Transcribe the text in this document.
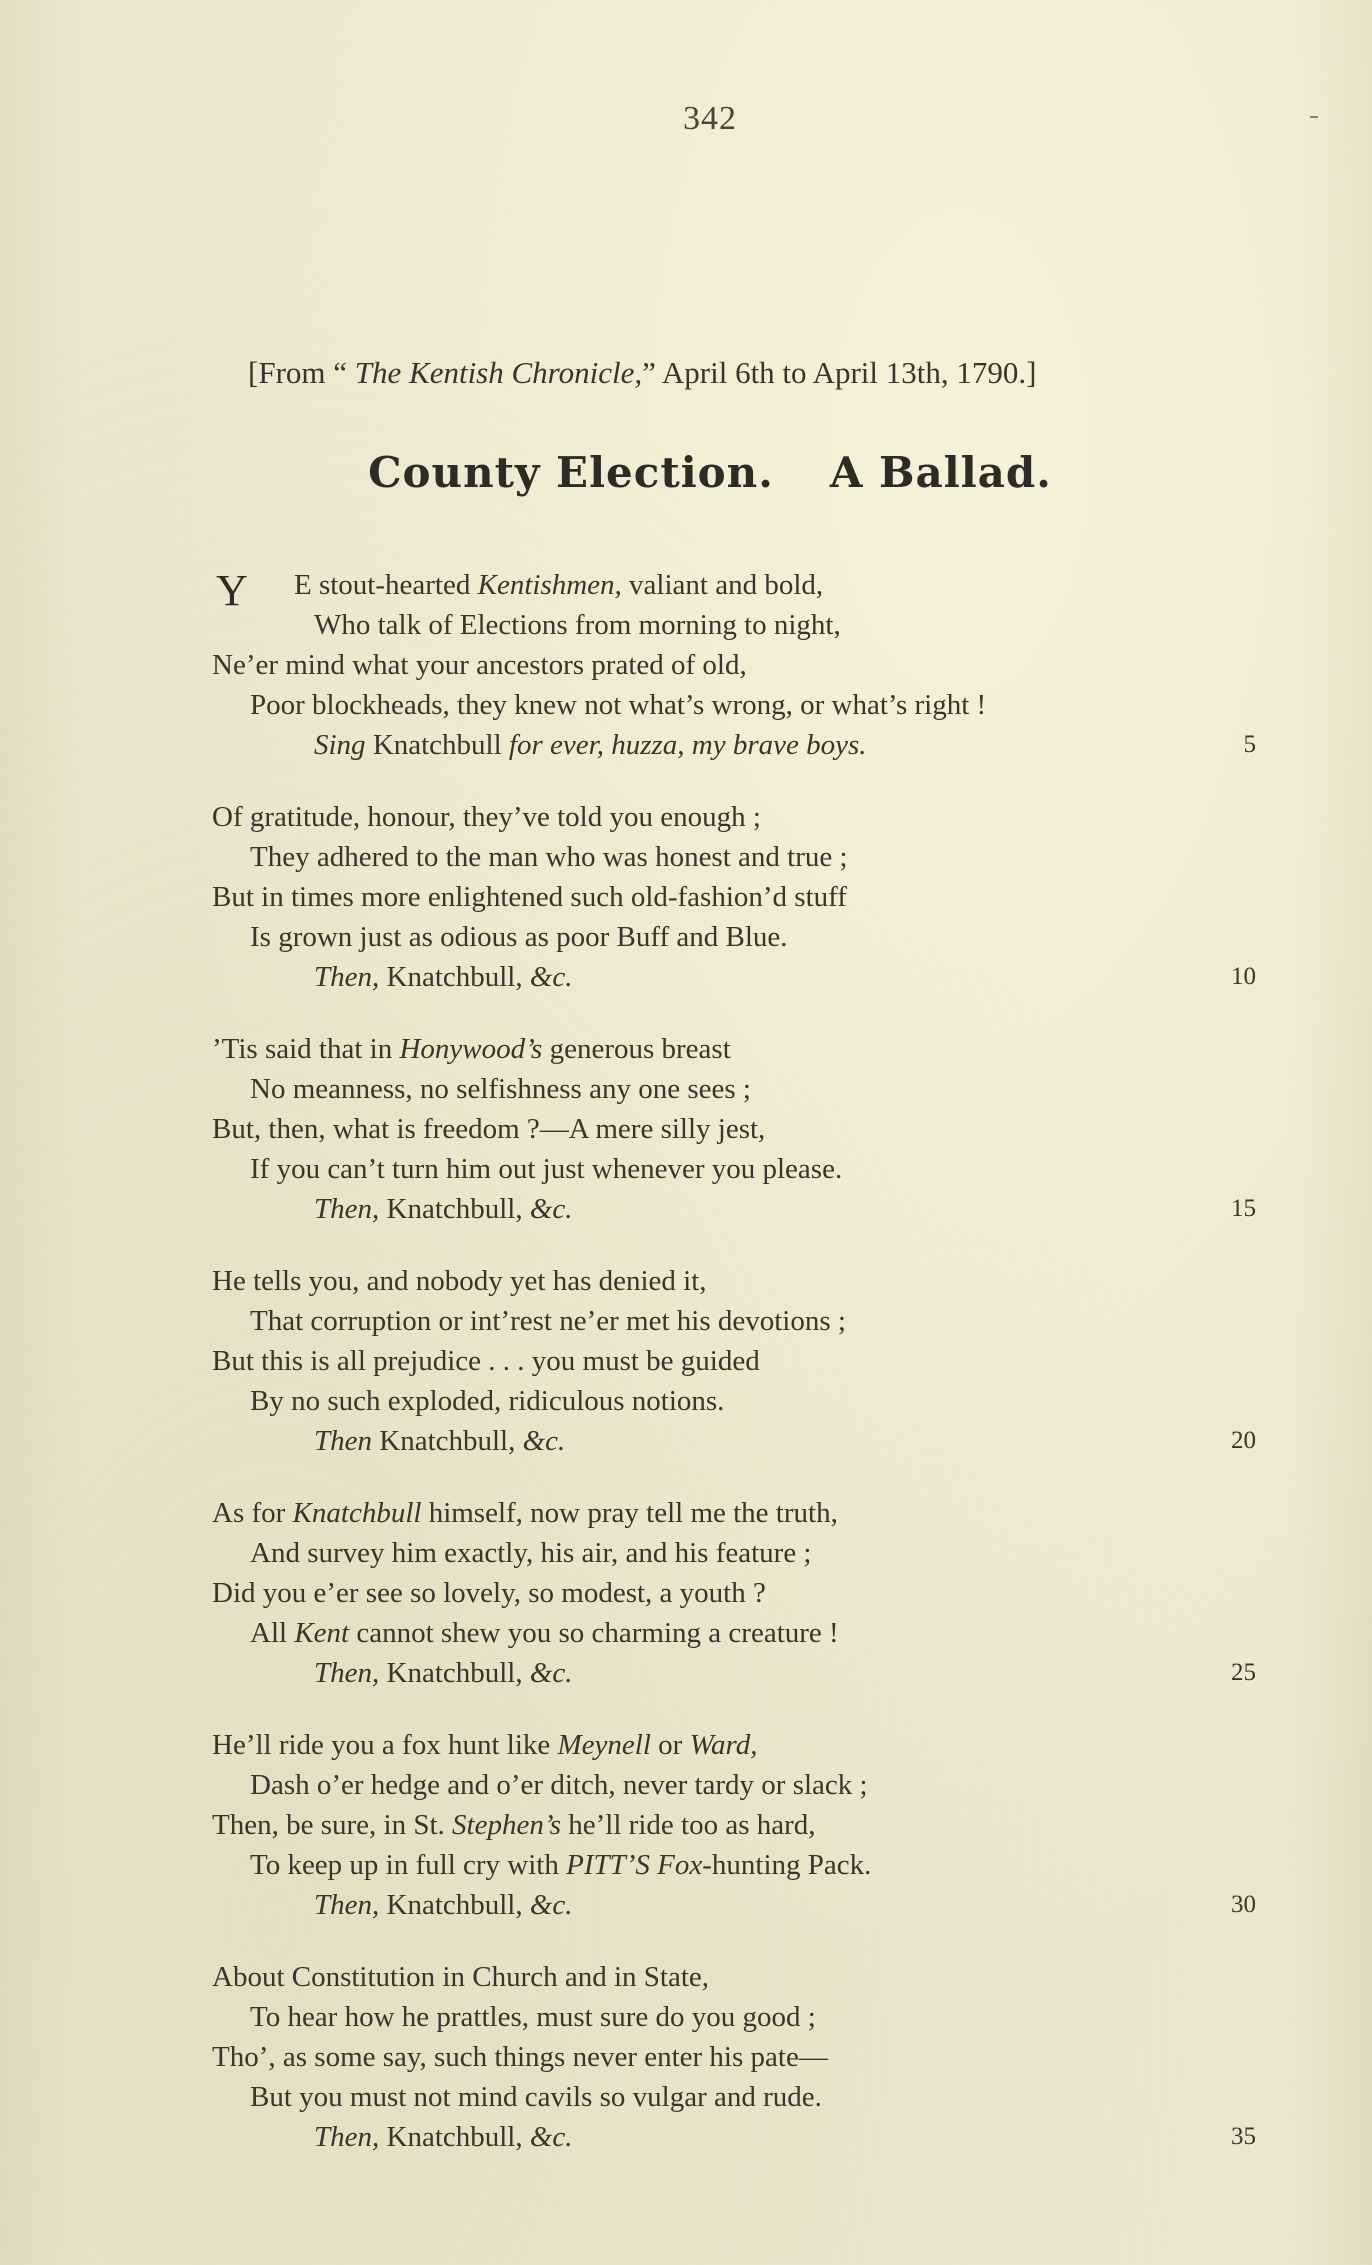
342
[From “ The Kentish Chronicle,” April 6th to April 13th, 1790.]
County Election. A Ballad.
Y E stout-hearted Kentishmen, valiant and bold,
Who talk of Elections from morning to night,
Ne’er mind what your ancestors prated of old,
Poor blockheads, they knew not what’s wrong, or what’s right !
Sing Knatchbull for ever, huzza, my brave boys.	5
Of gratitude, honour, they’ve told you enough ;
They adhered to the man who was honest and true ;
But in times more enlightened such old-fashion’d stuff
Is grown just as odious as poor Buff and Blue.
Then, Knatchbull, &c.	10
’Tis said that in Honywood’s generous breast
No meanness, no selfishness any one sees ;
But, then, what is freedom ?—A mere silly jest,
If you can’t turn him out just whenever you please.
Then, Knatchbull, &c.	15
He tells you, and nobody yet has denied it,
That corruption or int’rest ne’er met his devotions ;
But this is all prejudice . . . you must be guided
By no such exploded, ridiculous notions.
Then Knatchbull, &c.	20
As for Knatchbull himself, now pray tell me the truth,
And survey him exactly, his air, and his feature ;
Did you e’er see so lovely, so modest, a youth ?
All Kent cannot shew you so charming a creature !
Then, Knatchbull, &c.	25
He’ll ride you a fox hunt like Meynell or Ward,
Dash o’er hedge and o’er ditch, never tardy or slack ;
Then, be sure, in St. Stephen’s he’ll ride too as hard,
To keep up in full cry with PITT’S Fox-hunting Pack.
Then, Knatchbull, &c.	30
About Constitution in Church and in State,
To hear how he prattles, must sure do you good ;
Tho’, as some say, such things never enter his pate—
But you must not mind cavils so vulgar and rude.
Then, Knatchbull, &c.	35
